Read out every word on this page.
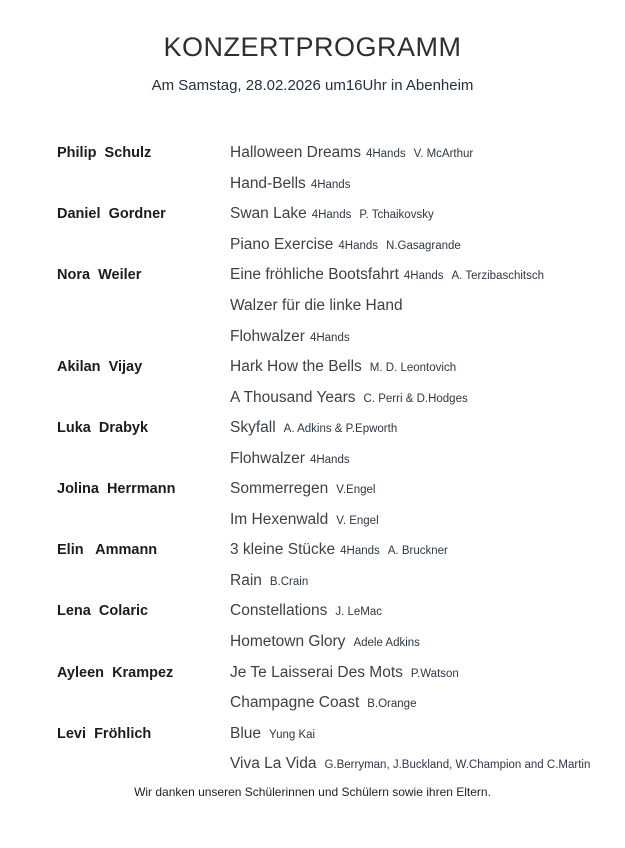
KONZERTPROGRAMM
Am Samstag, 28.02.2026 um16Uhr in Abenheim
Philip  Schulz	Halloween Dreams 4Hands V. McArthur
Hand-Bells 4Hands
Daniel  Gordner	Swan Lake 4Hands P. Tchaikovsky
Piano Exercise 4Hands N.Gasagrande
Nora  Weiler	Eine fröhliche Bootsfahrt 4Hands A. Terzibaschitsch
Walzer für die linke Hand
Flohwalzer 4Hands
Akilan  Vijay	Hark How the Bells M. D. Leontovich
A Thousand Years C. Perri & D.Hodges
Luka  Drabyk	Skyfall A. Adkins & P.Epworth
Flohwalzer 4Hands
Jolina  Herrmann	Sommerregen V.Engel
Im Hexenwald V. Engel
Elin   Ammann	3 kleine Stücke 4Hands A. Bruckner
Rain B.Crain
Lena  Colaric	Constellations J. LeMac
Hometown Glory Adele Adkins
Ayleen  Krampez	Je Te Laisserai Des Mots P.Watson
Champagne Coast B.Orange
Levi  Fröhlich	Blue Yung Kai
Viva La Vida G.Berryman, J.Buckland, W.Champion and C.Martin
Wir danken unseren Schülerinnen und Schülern sowie ihren Eltern.
